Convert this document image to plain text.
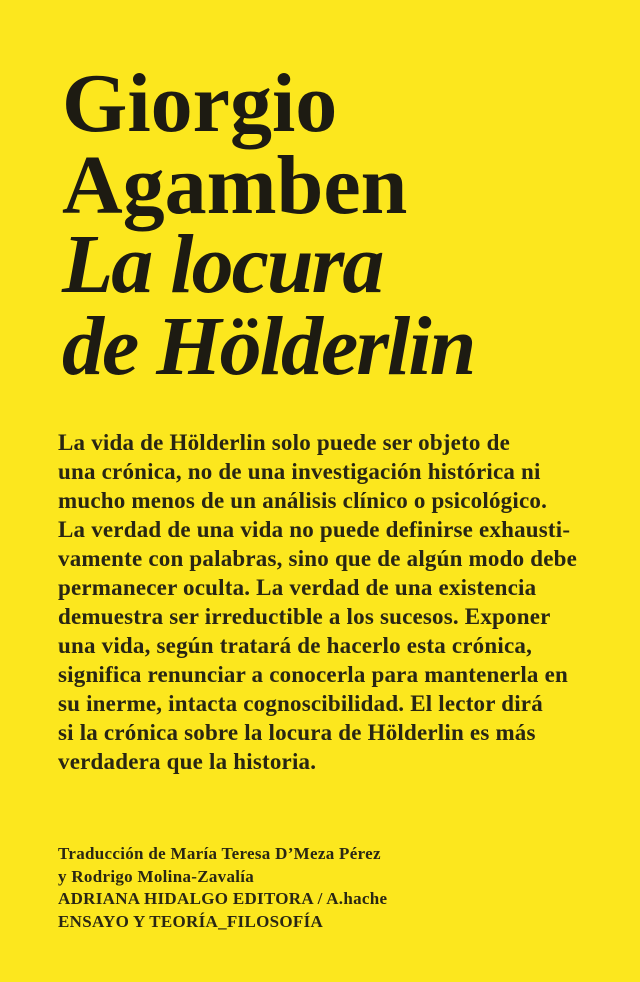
Giorgio
Agamben
La locura
de Hölderlin

La vida de Hölderlin solo puede ser objeto de
una crónica, no de una investigación histórica ni
mucho menos de un análisis clínico o psicológico.
La verdad de una vida no puede definirse exhausti-
vamente con palabras, sino que de algún modo debe
permanecer oculta. La verdad de una existencia
demuestra ser irreductible a los sucesos. Exponer
una vida, según tratará de hacerlo esta crónica,
significa renunciar a conocerla para mantenerla en
su inerme, intacta cognoscibilidad. El lector dirá
si la crónica sobre la locura de Hölderlin es más
verdadera que la historia.

Traducción de María Teresa D’Meza Pérez
y Rodrigo Molina-Zavalía
ADRIANA HIDALGO EDITORA / A.hache
ENSAYO Y TEORÍA_FILOSOFÍA
